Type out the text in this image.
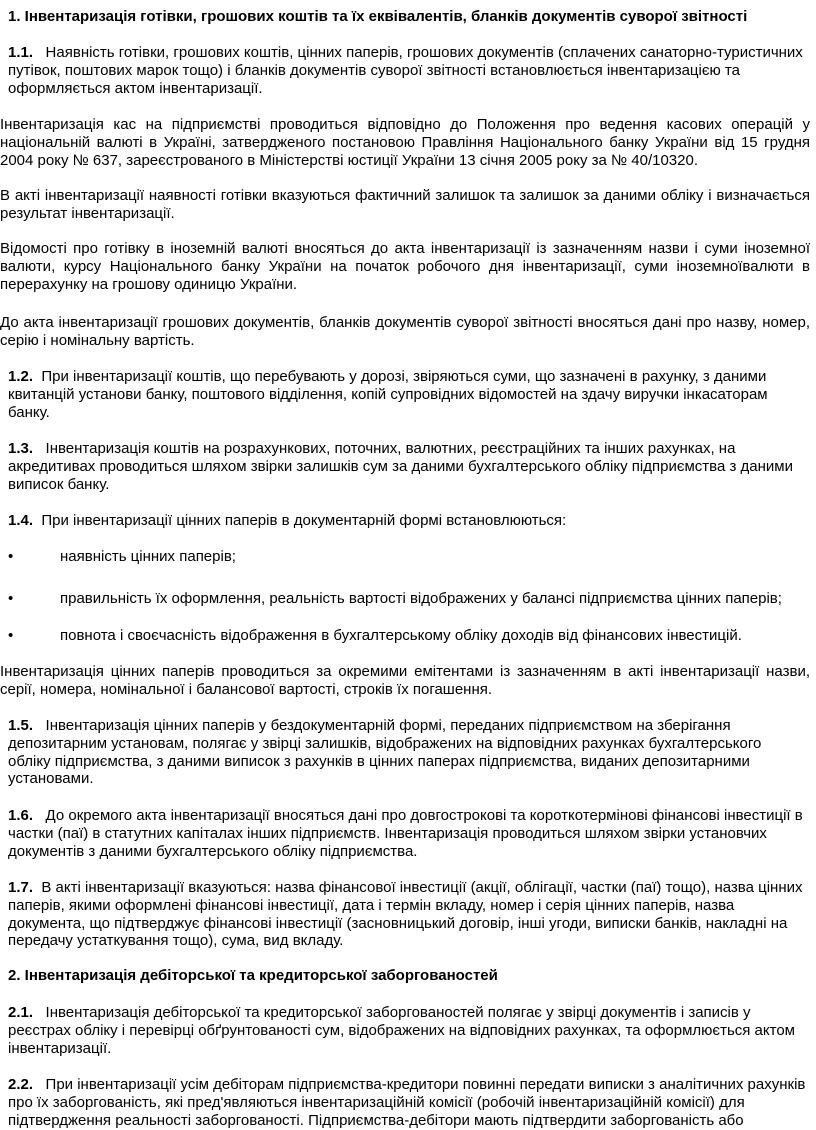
1. Інвентаризація готівки, грошових коштів та їх еквівалентів, бланків документів суворої звітності

1.1. Наявність готівки, грошових коштів, цінних паперів, грошових документів (сплачених санаторно-туристичних путівок, поштових марок тощо) і бланків документів суворої звітності встановлюється інвентаризацією та оформляється актом інвентаризації.

Інвентаризація кас на підприємстві проводиться відповідно до Положення про ведення касових операцій у національній валюті в Україні, затвердженого постановою Правління Національного банку України від 15 грудня 2004 року № 637, зареєстрованого в Міністерстві юстиції України 13 січня 2005 року за № 40/10320.

В акті інвентаризації наявності готівки вказуються фактичний залишок та залишок за даними обліку і визначається результат інвентаризації.

Відомості про готівку в іноземній валюті вносяться до акта інвентаризації із зазначенням назви і суми іноземної валюти, курсу Національного банку України на початок робочого дня інвентаризації, суми іноземноївалюти в перерахунку на грошову одиницю України.

До акта інвентаризації грошових документів, бланків документів суворої звітності вносяться дані про назву, номер, серію і номінальну вартість.

1.2. При інвентаризації коштів, що перебувають у дорозі, звіряються суми, що зазначені в рахунку, з даними квитанцій установи банку, поштового відділення, копій супровідних відомостей на здачу виручки інкасаторам банку.

1.3. Інвентаризація коштів на розрахункових, поточних, валютних, реєстраційних та інших рахунках, на акредитивах проводиться шляхом звірки залишків сум за даними бухгалтерського обліку підприємства з даними виписок банку.

1.4. При інвентаризації цінних паперів в документарній формі встановлюються:

•	наявність цінних паперів;
•	правильність їх оформлення, реальність вартості відображених у балансі підприємства цінних паперів;
•	повнота і своєчасність відображення в бухгалтерському обліку доходів від фінансових інвестицій.

Інвентаризація цінних паперів проводиться за окремими емітентами із зазначенням в акті інвентаризації назви, серії, номера, номінальної і балансової вартості, строків їх погашення.

1.5. Інвентаризація цінних паперів у бездокументарній формі, переданих підприємством на зберігання депозитарним установам, полягає у звірці залишків, відображених на відповідних рахунках бухгалтерського обліку підприємства, з даними виписок з рахунків в цінних паперах підприємства, виданих депозитарними установами.

1.6. До окремого акта інвентаризації вносяться дані про довгострокові та короткотермінові фінансові інвестиції в частки (паї) в статутних капіталах інших підприємств. Інвентаризація проводиться шляхом звірки установчих документів з даними бухгалтерського обліку підприємства.

1.7. В акті інвентаризації вказуються: назва фінансової інвестиції (акції, облігації, частки (паї) тощо), назва цінних паперів, якими оформлені фінансові інвестиції, дата і термін вкладу, номер і серія цінних паперів, назва документа, що підтверджує фінансові інвестиції (засновницький договір, інші угоди, виписки банків, накладні на передачу устаткування тощо), сума, вид вкладу.

2. Інвентаризація дебіторської та кредиторської заборгованостей

2.1. Інвентаризація дебіторської та кредиторської заборгованостей полягає у звірці документів і записів у реєстрах обліку і перевірці обґрунтованості сум, відображених на відповідних рахунках, та оформлюється актом інвентаризації.

2.2. При інвентаризації усім дебіторам підприємства-кредитори повинні передати виписки з аналітичних рахунків про їх заборгованість, які пред'являються інвентаризаційній комісії (робочій інвентаризаційній комісії) для підтвердження реальності заборгованості. Підприємства-дебітори мають підтвердити заборгованість або
